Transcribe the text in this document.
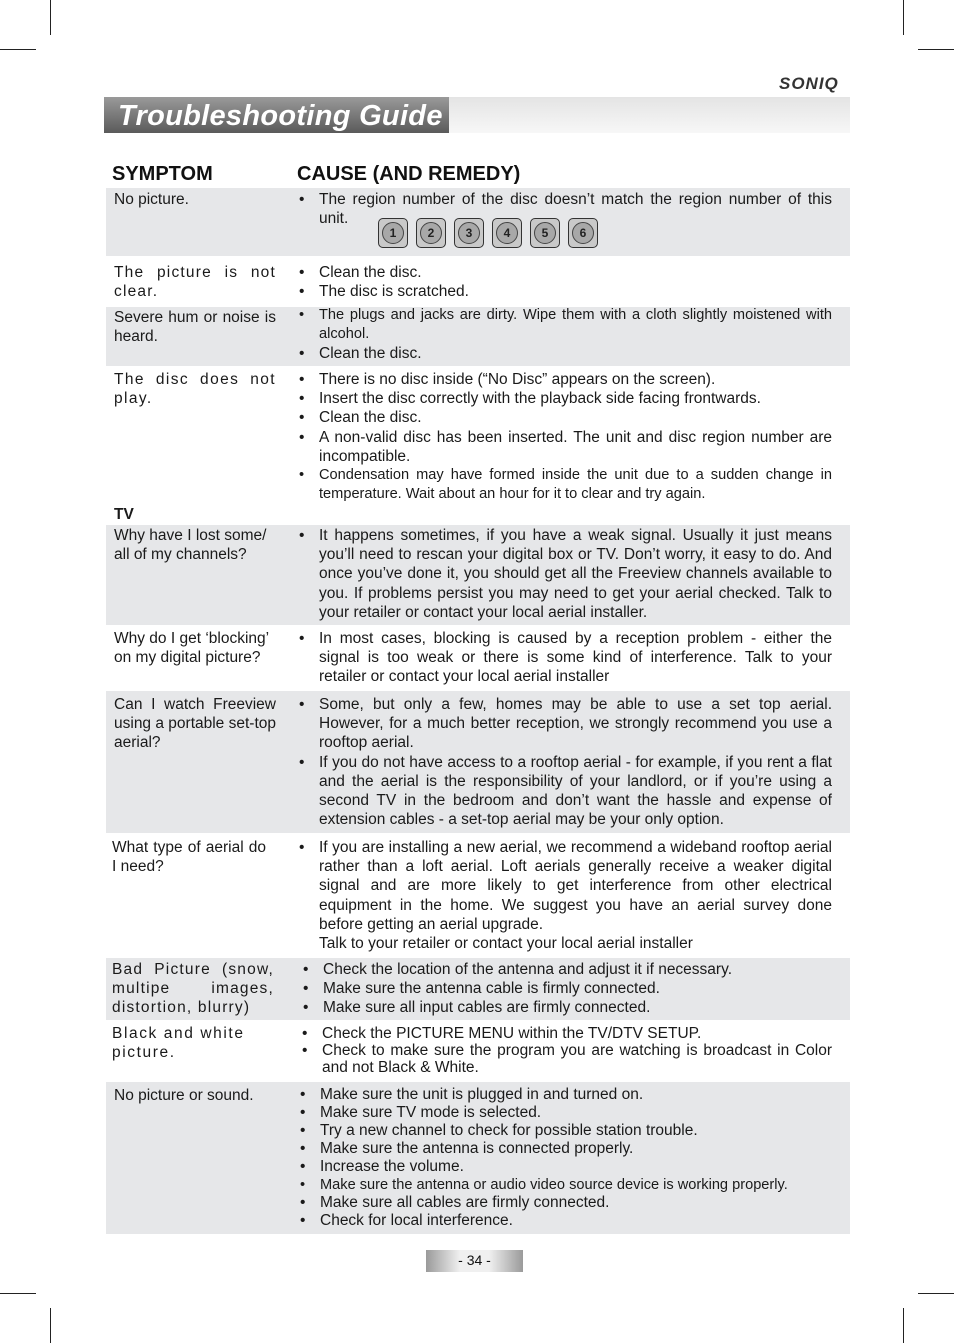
SONIQ
Troubleshooting Guide
SYMPTOM	CAUSE (AND REMEDY)
No picture.	• The region number of the disc doesn’t match the region number of this unit.
1	2	3	4	5	6
The picture is not clear.
• Clean the disc.
• The disc is scratched.
Severe hum or noise is heard.
• The plugs and jacks are dirty. Wipe them with a cloth slightly moistened with alcohol.
• Clean the disc.
The disc does not play.
• There is no disc inside (“No Disc” appears on the screen).
• Insert the disc correctly with the playback side facing frontwards.
• Clean the disc.
• A non-valid disc has been inserted. The unit and disc region number are incompatible.
• Condensation may have formed inside the unit due to a sudden change in temperature. Wait about an hour for it to clear and try again.
TV
Why have I lost some/ all of my channels?
• It happens sometimes, if you have a weak signal. Usually it just means you’ll need to rescan your digital box or TV. Don’t worry, it easy to do. And once you’ve done it, you should get all the Freeview channels available to you. If problems persist you may need to get your aerial checked. Talk to your retailer or contact your local aerial installer.
Why do I get ‘blocking’ on my digital picture?
• In most cases, blocking is caused by a reception problem - either the signal is too weak or there is some kind of interference. Talk to your retailer or contact your local aerial installer
Can I watch Freeview using a portable set-top aerial?
• Some, but only a few, homes may be able to use a set top aerial. However, for a much better reception, we strongly recommend you use a rooftop aerial.
• If you do not have access to a rooftop aerial - for example, if you rent a flat and the aerial is the responsibility of your landlord, or if you’re using a second TV in the bedroom and don’t want the hassle and expense of extension cables - a set-top aerial may be your only option.
What type of aerial do I need?
• If you are installing a new aerial, we recommend a wideband rooftop aerial rather than a loft aerial. Loft aerials generally receive a weaker digital signal and are more likely to get interference from other electrical equipment in the home. We suggest you have an aerial survey done before getting an aerial upgrade.
Talk to your retailer or contact your local aerial installer
Bad Picture (snow, multipe images, distortion, blurry)
• Check the location of the antenna and adjust it if necessary.
• Make sure the antenna cable is firmly connected.
• Make sure all input cables are firmly connected.
Black and white picture.
• Check the PICTURE MENU within the TV/DTV SETUP.
• Check to make sure the program you are watching is broadcast in Color and not Black & White.
No picture or sound.	• Make sure the unit is plugged in and turned on.
• Make sure TV mode is selected.
• Try a new channel to check for possible station trouble.
• Make sure the antenna is connected properly.
• Increase the volume.
• Make sure the antenna or audio video source device is working properly.
• Make sure all cables are firmly connected.
• Check for local interference.
- 34 -
